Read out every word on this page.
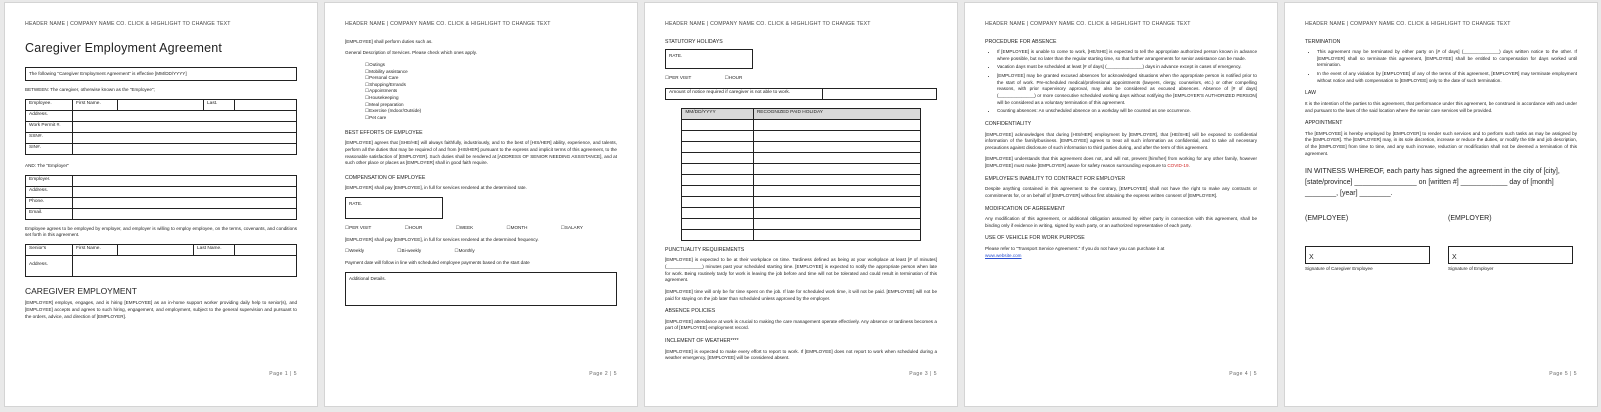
HEADER NAME | COMPANY NAME CO. CLICK & HIGHLIGHT TO CHANGE TEXT
Caregiver Employment Agreement
The following "Caregiver Employment Agreement" is effective [MM/DD/YYYY]

BETWEEN: The caregiver, otherwise known as the "Employee";

Employee.	First Name.		Last.	
Address.				
Work Permit #.				
SSN#.				
SIN#.				

AND: The "Employer"

Employer.	
Address.	
Phone.	
Email.	

Employee agrees to be employed by employer, and employer is willing to employ employee, on the terms, covenants, and conditions set forth in this agreement.

Senior's	First Name.		Last Name.	
Address.				
CAREGIVER EMPLOYMENT

[EMPLOYER] employs, engages, and is hiring [EMPLOYEE] as an in-home support worker providing daily help to senior(s), and [EMPLOYEE] accepts and agrees to such hiring, engagement, and employment, subject to the general supervision and pursuant to the orders, advice, and direction of [EMPLOYER].

Page 1 | 5
HEADER NAME | COMPANY NAME CO. CLICK & HIGHLIGHT TO CHANGE TEXT

[EMPLOYEE] shall perform duties such as.

General Description of Services. Please check which ones apply.

☐Outings
☐Mobility assistance
☐Personal Care
☐Shopping/Errands
☐Appointments
☐Housekeeping
☐Meal preparation
☐Exercise (Indoor/Outside)
☐Pet care
BEST EFFORTS OF EMPLOYEE

[EMPLOYEE] agrees that [SHE/HE] will always faithfully, industriously, and to the best of [HIS/HER] ability, experience, and talents, perform all the duties that may be required of and from [HIS/HER] pursuant to the express and implicit terms of this agreement, to the reasonable satisfaction of [EMPLOYER]. Such duties shall be rendered at [ADDRESS OF SENIOR NEEDING ASSISTANCE], and at such other place or places as [EMPLOYER] shall in good faith require.

COMPENSATION OF EMPLOYEE

[EMPLOYER] shall pay [EMPLOYEE], in full for services rendered at the determined rate.

RATE.
☐PER VISIT	☐HOUR	☐WEEK	☐MONTH	☐SALARY

[EMPLOYER] shall pay [EMPLOYEE], in full for services rendered at the determined frequency.

☐Weekly	☐Bi-weekly	☐Monthly

Payment date will follow in line with scheduled employee payments based on the start date

Additional Details.
Page 2 | 5
HEADER NAME | COMPANY NAME CO. CLICK & HIGHLIGHT TO CHANGE TEXT
STATUTORY HOLIDAYS
RATE.
☐PER VISIT	☐HOUR
Amount of notice required if caregiver is not able to work.	
MM/DD/YYYY	RECOGNIZED PAID HOLIDAY

PUNCTUALITY REQUIREMENTS

[EMPLOYEE] is expected to be at their workplace on time. Tardiness defined as being at your workplace at least [# of minutes] (______________) minutes past your scheduled starting time. [EMPLOYEE] is expected to notify the appropriate person when late for work. Being routinely tardy for work is leaving the job before and time will not be tolerated and could result in termination of this agreement.

[EMPLOYEE] time will only be for time spent on the job. If late for scheduled work time, it will not be paid. [EMPLOYEE] will not be paid for staying on the job later than scheduled unless approved by the employer.

ABSENCE POLICIES

[EMPLOYEE] attendance at work is crucial to making the care management operate effectively. Any absence or tardiness becomes a part of [EMPLOYEE] employment record.

INCLEMENT OF WEATHER****

[EMPLOYEE] is expected to make every effort to report to work. If [EMPLOYEE] does not report to work when scheduled during a weather emergency, [EMPLOYEE] will be considered absent.

Page 3 | 5
HEADER NAME | COMPANY NAME CO. CLICK & HIGHLIGHT TO CHANGE TEXT
PROCEDURE FOR ABSENCE
• If [EMPLOYEE] is unable to come to work, [HE/SHE] is expected to tell the appropriate authorized person known in advance where possible, but no later than the regular starting time, so that further arrangements for senior assistance can be made.
• Vacation days must be scheduled at least [# of days] (______________) days in advance except in cases of emergency.
• [EMPLOYEE] may be granted excused absences for acknowledged situations when the appropriate person is notified prior to the start of work. Pre-scheduled medical/professional appointments (lawyers, clergy, counselors, etc.) or other compelling reasons, with prior supervisory approval, may also be considered as excused absences. Absence of [# of days] (______________) or more consecutive scheduled working days without notifying the [EMPLOYER'S AUTHORIZED PERSON] will be considered as a voluntary termination of this agreement.
• Counting absences: An unscheduled absence on a workday will be counted as one occurrence.
CONFIDENTIALITY

[EMPLOYEE] acknowledges that during [HIS/HER] employment by [EMPLOYER], that [HE/SHE] will be exposed to confidential information of the family/business. [EMPLOYEE] agrees to treat all such information as confidential, and to take all necessary precautions against disclosure of such information to third parties during, and after the term of this agreement.

[EMPLOYEE] understands that this agreement does not, and will not, prevent [him/her] from working for any other family, however [EMPLOYEE] must make [EMPLOYER] aware for safety reason surrounding exposure to COVID-19.

EMPLOYEE'S INABILITY TO CONTRACT FOR EMPLOYER

Despite anything contained in this agreement to the contrary, [EMPLOYEE] shall not have the right to make any contracts or commitments for, or on behalf of [EMPLOYER] without first obtaining the express written consent of [EMPLOYER].

MODIFICATION OF AGREEMENT

Any modification of this agreement, or additional obligation assumed by either party in connection with this agreement, shall be binding only if evidence in writing, signed by each party, or an authorized representative of each party.

USE OF VEHICLE FOR WORK PURPOSE

Please refer to "Transport Service Agreement." If you do not have you can purchase it at
www.website.com

Page 4 | 5
HEADER NAME | COMPANY NAME CO. CLICK & HIGHLIGHT TO CHANGE TEXT
TERMINATION
• This agreement may be terminated by either party on [# of days] (______________) days written notice to the other. If [EMPLOYER] shall so terminate this agreement, [EMPLOYEE] shall be entitled to compensation for days worked until termination.
• In the event of any violation by [EMPLOYEE] of any of the terms of this agreement, [EMPLOYER] may terminate employment without notice and with compensation to [EMPLOYEE] only to the date of such termination.
LAW

It is the intention of the parties to this agreement, that performance under this agreement, be construed in accordance with and under and pursuant to the laws of the said location where the senior care services will be provided.

APPOINTMENT

The [EMPLOYEE] is hereby employed by [EMPLOYER] to render such services and to perform such tasks as may be assigned by the [EMPLOYER]. The [EMPLOYER] may, in its sole discretion, increase or reduce the duties, or modify the title and job description, of the [EMPLOYEE] from time to time, and any such increase, reduction or modification shall not be deemed a termination of this agreement.

IN WITNESS WHEREOF, each party has signed the agreement in the city of [city], [state/province] ________________ on [written #] ____________ day of [month] ________, [year] ________.
(EMPLOYEE)	(EMPLOYER)
X
Signature of Caregiver Employee
X
Signature of Employer
Page 5 | 5
